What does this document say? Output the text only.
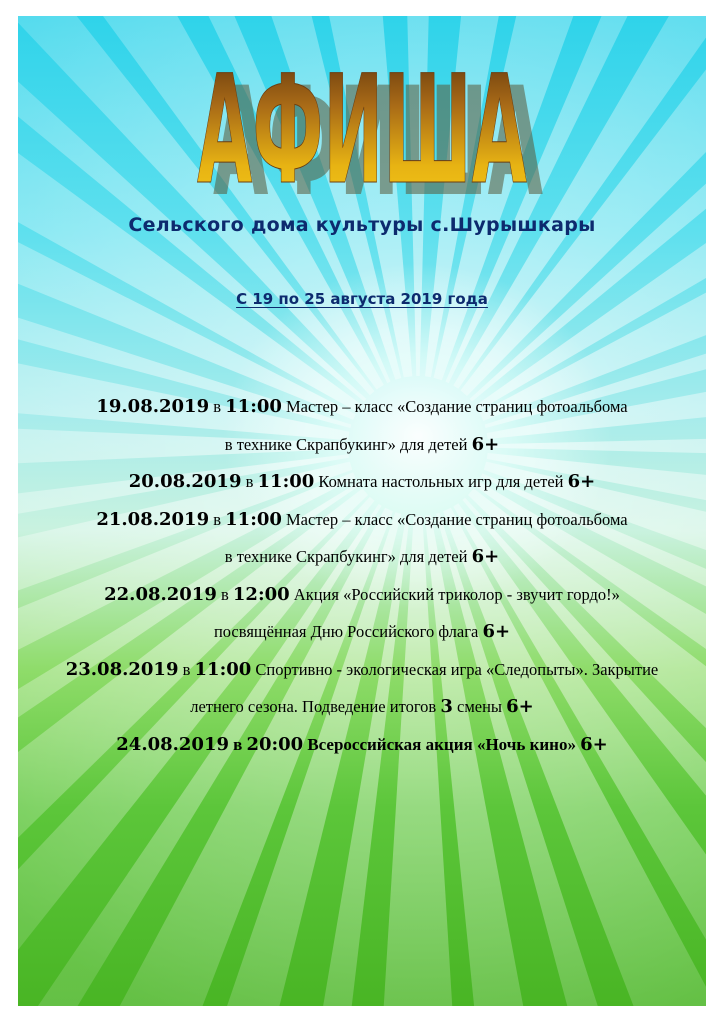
АФИША
АФИША
Сельского дома культуры с.Шурышкары
С 19 по 25 августа 2019 года
19.08.2019 в 11:00 Мастер – класс «Создание страниц фотоальбома
в технике Скрапбукинг» для детей 6+
20.08.2019 в 11:00 Комната настольных игр для детей 6+
21.08.2019 в 11:00 Мастер – класс «Создание страниц фотоальбома
в технике Скрапбукинг» для детей 6+
22.08.2019 в 12:00 Акция «Российский триколор - звучит гордо!»
посвящённая Дню Российского флага 6+
23.08.2019 в 11:00 Спортивно - экологическая игра «Следопыты». Закрытие
летнего сезона. Подведение итогов 3 смены 6+
24.08.2019 в 20:00 Всероссийская акция «Ночь кино» 6+
